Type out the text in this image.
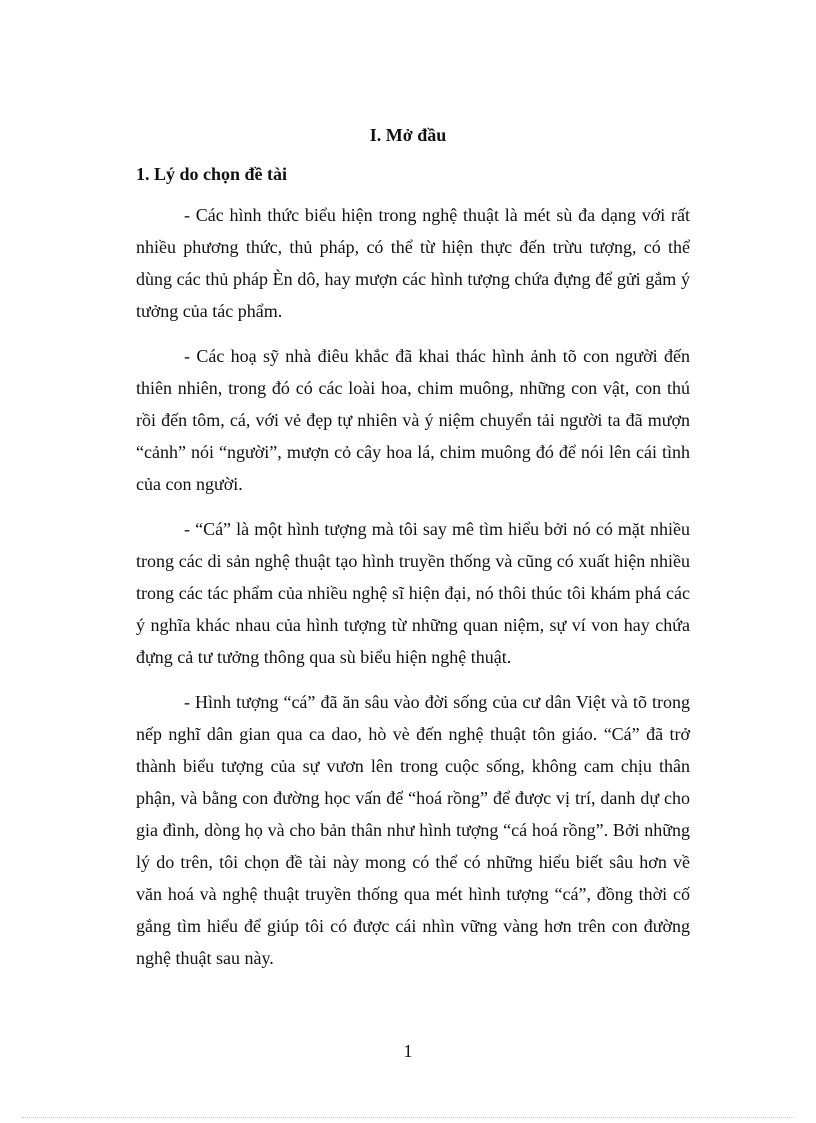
I. Mở đầu
1. Lý do chọn đề tài

- Các hình thức biểu hiện trong nghệ thuật là mét sù đa dạng với rất nhiều phương thức, thủ pháp, có thể từ hiện thực đến trừu tượng, có thể dùng các thủ pháp Èn dô, hay mượn các hình tượng chứa đựng để gửi gắm ý tưởng của tác phẩm.

- Các hoạ sỹ nhà điêu khắc đã khai thác hình ảnh tõ con người đến thiên nhiên, trong đó có các loài hoa, chim muông, những con vật, con thú rồi đến tôm, cá, với vẻ đẹp tự nhiên và ý niệm chuyển tải người ta đã mượn “cảnh” nói “người”, mượn cỏ cây hoa lá, chim muông đó để nói lên cái tình của con người.

- “Cá” là một hình tượng mà tôi say mê tìm hiểu bởi nó có mặt nhiều trong các di sản nghệ thuật tạo hình truyền thống và cũng có xuất hiện nhiều trong các tác phẩm của nhiều nghệ sĩ hiện đại, nó thôi thúc tôi khám phá các ý nghĩa khác nhau của hình tượng từ những quan niệm, sự ví von hay chứa đựng cả tư tưởng thông qua sù biểu hiện nghệ thuật.

- Hình tượng “cá” đã ăn sâu vào đời sống của cư dân Việt và tõ trong nếp nghĩ dân gian qua ca dao, hò vè đến nghệ thuật tôn giáo. “Cá” đã trở thành biểu tượng của sự vươn lên trong cuộc sống, không cam chịu thân phận, và bằng con đường học vấn để “hoá rồng” để được vị trí, danh dự cho gia đình, dòng họ và cho bản thân như hình tượng “cá hoá rồng”. Bởi những lý do trên, tôi chọn đề tài này mong có thể có những hiểu biết sâu hơn về văn hoá và nghệ thuật truyền thống qua mét hình tượng “cá”, đồng thời cố gắng tìm hiểu để giúp tôi có được cái nhìn vững vàng hơn trên con đường nghệ thuật sau này.

1
